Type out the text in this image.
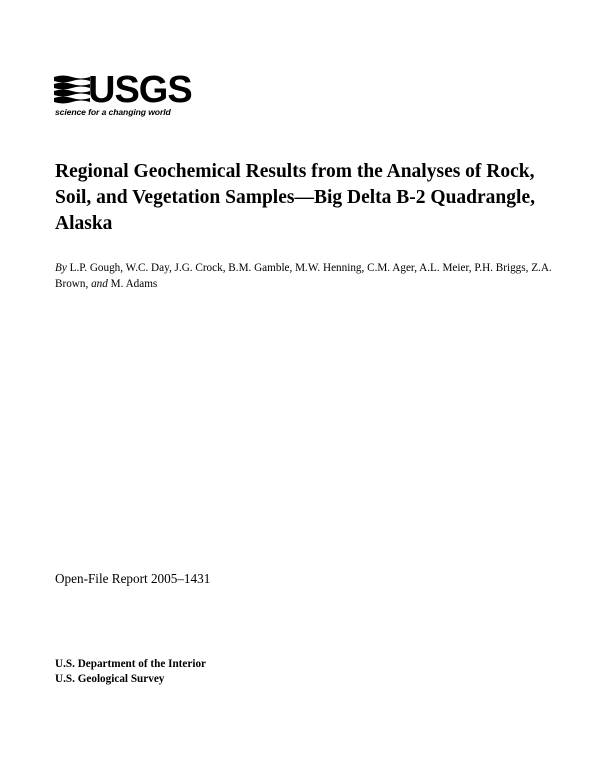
USGS
science for a changing world
Regional Geochemical Results from the Analyses of Rock, Soil, and Vegetation Samples—Big Delta B-2 Quadrangle, Alaska

By L.P. Gough, W.C. Day, J.G. Crock, B.M. Gamble, M.W. Henning, C.M. Ager, A.L. Meier, P.H. Briggs, Z.A. Brown, and M. Adams

Open-File Report 2005–1431

U.S. Department of the Interior
U.S. Geological Survey
